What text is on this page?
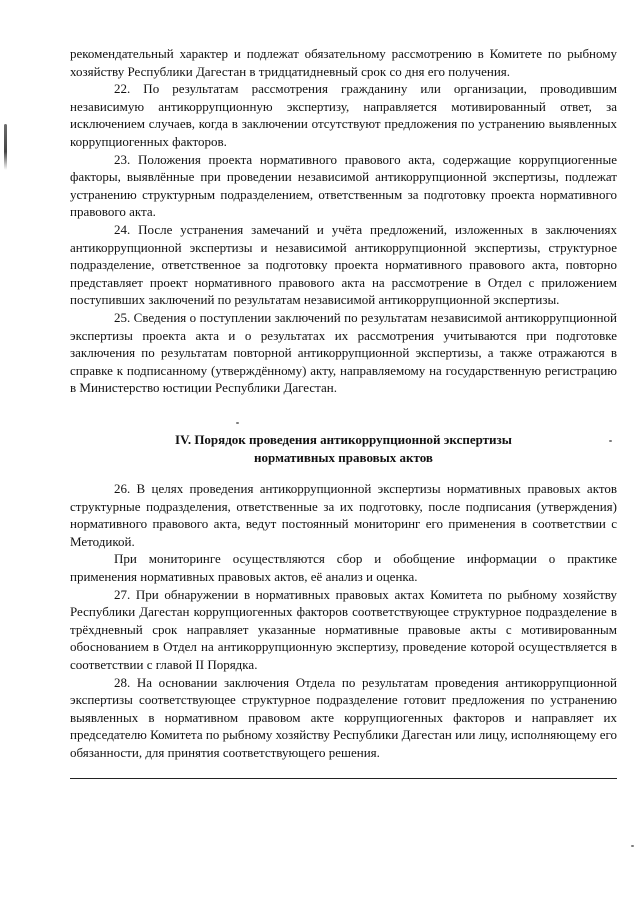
рекомендательный характер и подлежат обязательному рассмотрению в Комитете по рыбному хозяйству Республики Дагестан в тридцатидневный срок со дня его получения.

22. По результатам рассмотрения гражданину или организации, проводившим независимую антикоррупционную экспертизу, направляется мотивированный ответ, за исключением случаев, когда в заключении отсутствуют предложения по устранению выявленных коррупциогенных факторов.

23. Положения проекта нормативного правового акта, содержащие коррупциогенные факторы, выявлённые при проведении независимой антикоррупционной экспертизы, подлежат устранению структурным подразделением, ответственным за подготовку проекта нормативного правового акта.

24. После устранения замечаний и учёта предложений, изложенных в заключениях антикоррупционной экспертизы и независимой антикоррупционной экспертизы, структурное подразделение, ответственное за подготовку проекта нормативного правового акта, повторно представляет проект нормативного правового акта на рассмотрение в Отдел с приложением поступивших заключений по результатам независимой антикоррупционной экспертизы.

25. Сведения о поступлении заключений по результатам независимой антикоррупционной экспертизы проекта акта и о результатах их рассмотрения учитываются при подготовке заключения по результатам повторной антикоррупционной экспертизы, а также отражаются в справке к подписанному (утверждённому) акту, направляемому на государственную регистрацию в Министерство юстиции Республики Дагестан.

IV. Порядок проведения антикоррупционной экспертизы
нормативных правовых актов

26. В целях проведения антикоррупционной экспертизы нормативных правовых актов структурные подразделения, ответственные за их подготовку, после подписания (утверждения) нормативного правового акта, ведут постоянный мониторинг его применения в соответствии с Методикой.

При мониторинге осуществляются сбор и обобщение информации о практике применения нормативных правовых актов, её анализ и оценка.

27. При обнаружении в нормативных правовых актах Комитета по рыбному хозяйству Республики Дагестан коррупциогенных факторов соответствующее структурное подразделение в трёхдневный срок направляет указанные нормативные правовые акты с мотивированным обоснованием в Отдел на антикоррупционную экспертизу, проведение которой осуществляется в соответствии с главой II Порядка.

28. На основании заключения Отдела по результатам проведения антикоррупционной экспертизы соответствующее структурное подразделение готовит предложения по устранению выявленных в нормативном правовом акте коррупциогенных факторов и направляет их председателю Комитета по рыбному хозяйству Республики Дагестан или лицу, исполняющему его обязанности, для принятия соответствующего решения.
